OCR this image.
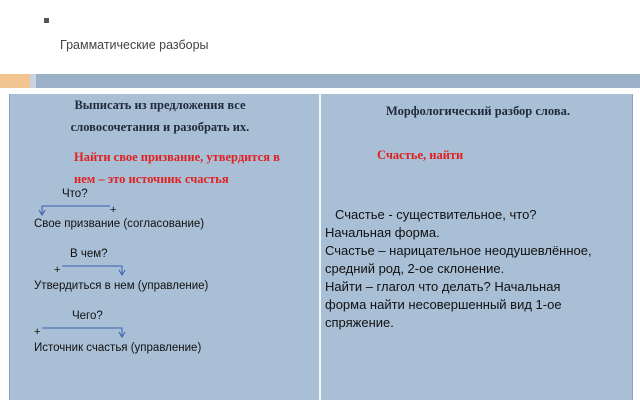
Грамматические разборы
Выписать из предложения все
словосочетания и разобрать их.
Найти свое призвание, утвердится в
нем – это источник счастья
Что?
+
Свое призвание (согласование)
В чем?
+
Утвердиться в нем (управление)
Чего?
+
Источник счастья (управление)
Морфологический разбор слова.
Счастье, найти
Счастье - существительное, что?
Начальная форма.
Счастье – нарицательное неодушевлённое,
средний род, 2-ое склонение.
Найти – глагол что делать? Начальная
форма найти несовершенный вид 1-ое
спряжение.
